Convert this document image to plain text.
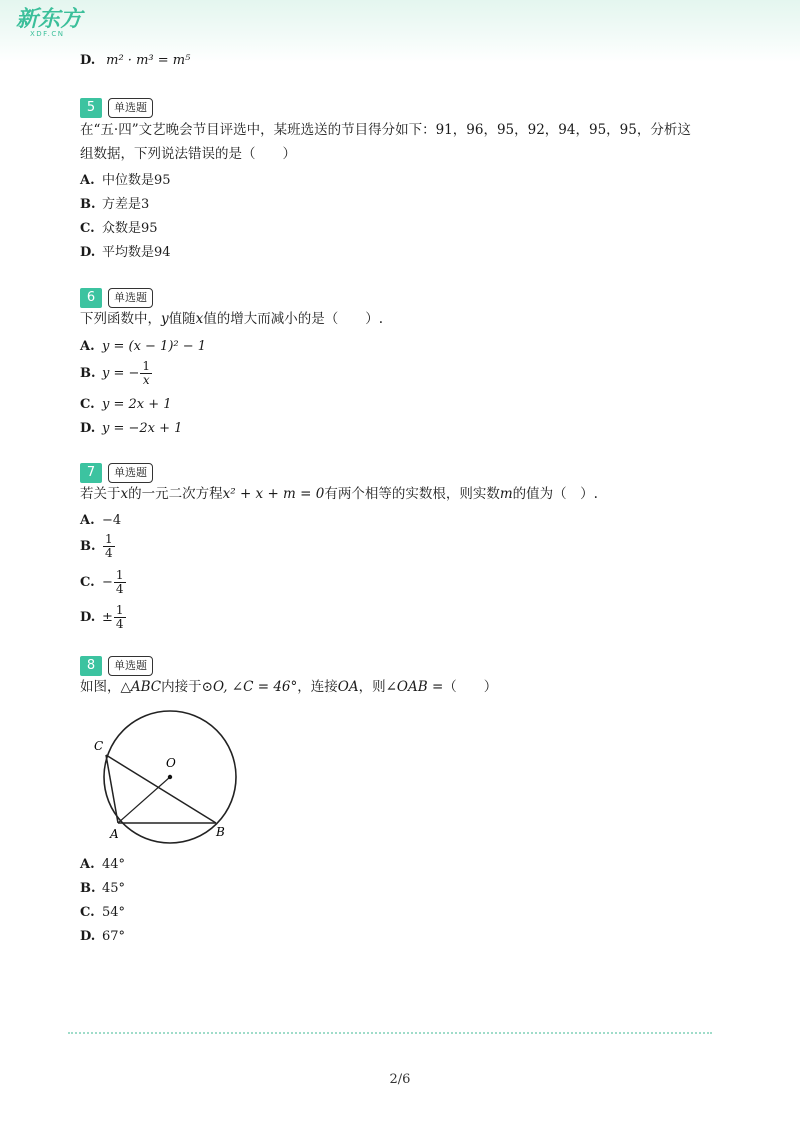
新东方
XDF.CN
D. m² · m³ = m⁵
5 单选题
在“五·四”文艺晚会节目评选中，某班选送的节目得分如下：91，96，95，92，94，95，95，分析这
组数据，下列说法错误的是（　　）
A. 中位数是95
B. 方差是3
C. 众数是95
D. 平均数是94
6 单选题
下列函数中，y值随x值的增大而减小的是（　　）.
A. y = (x − 1)² − 1
B. y = − $\frac{1}{x}$
C. y = 2x + 1
D. y = −2x + 1
7 单选题
若关于x的一元二次方程x² + x + m = 0有两个相等的实数根，则实数m的值为（　）.
A. −4
B. $\frac{1}{4}$
C. − $\frac{1}{4}$
D. ± $\frac{1}{4}$
8 单选题
如图，△ABC内接于⊙O, ∠C = 46°，连接OA，则∠OAB =（　　）
C
O
A	B
A. 44°
B. 45°
C. 54°
D. 67°
2/6
